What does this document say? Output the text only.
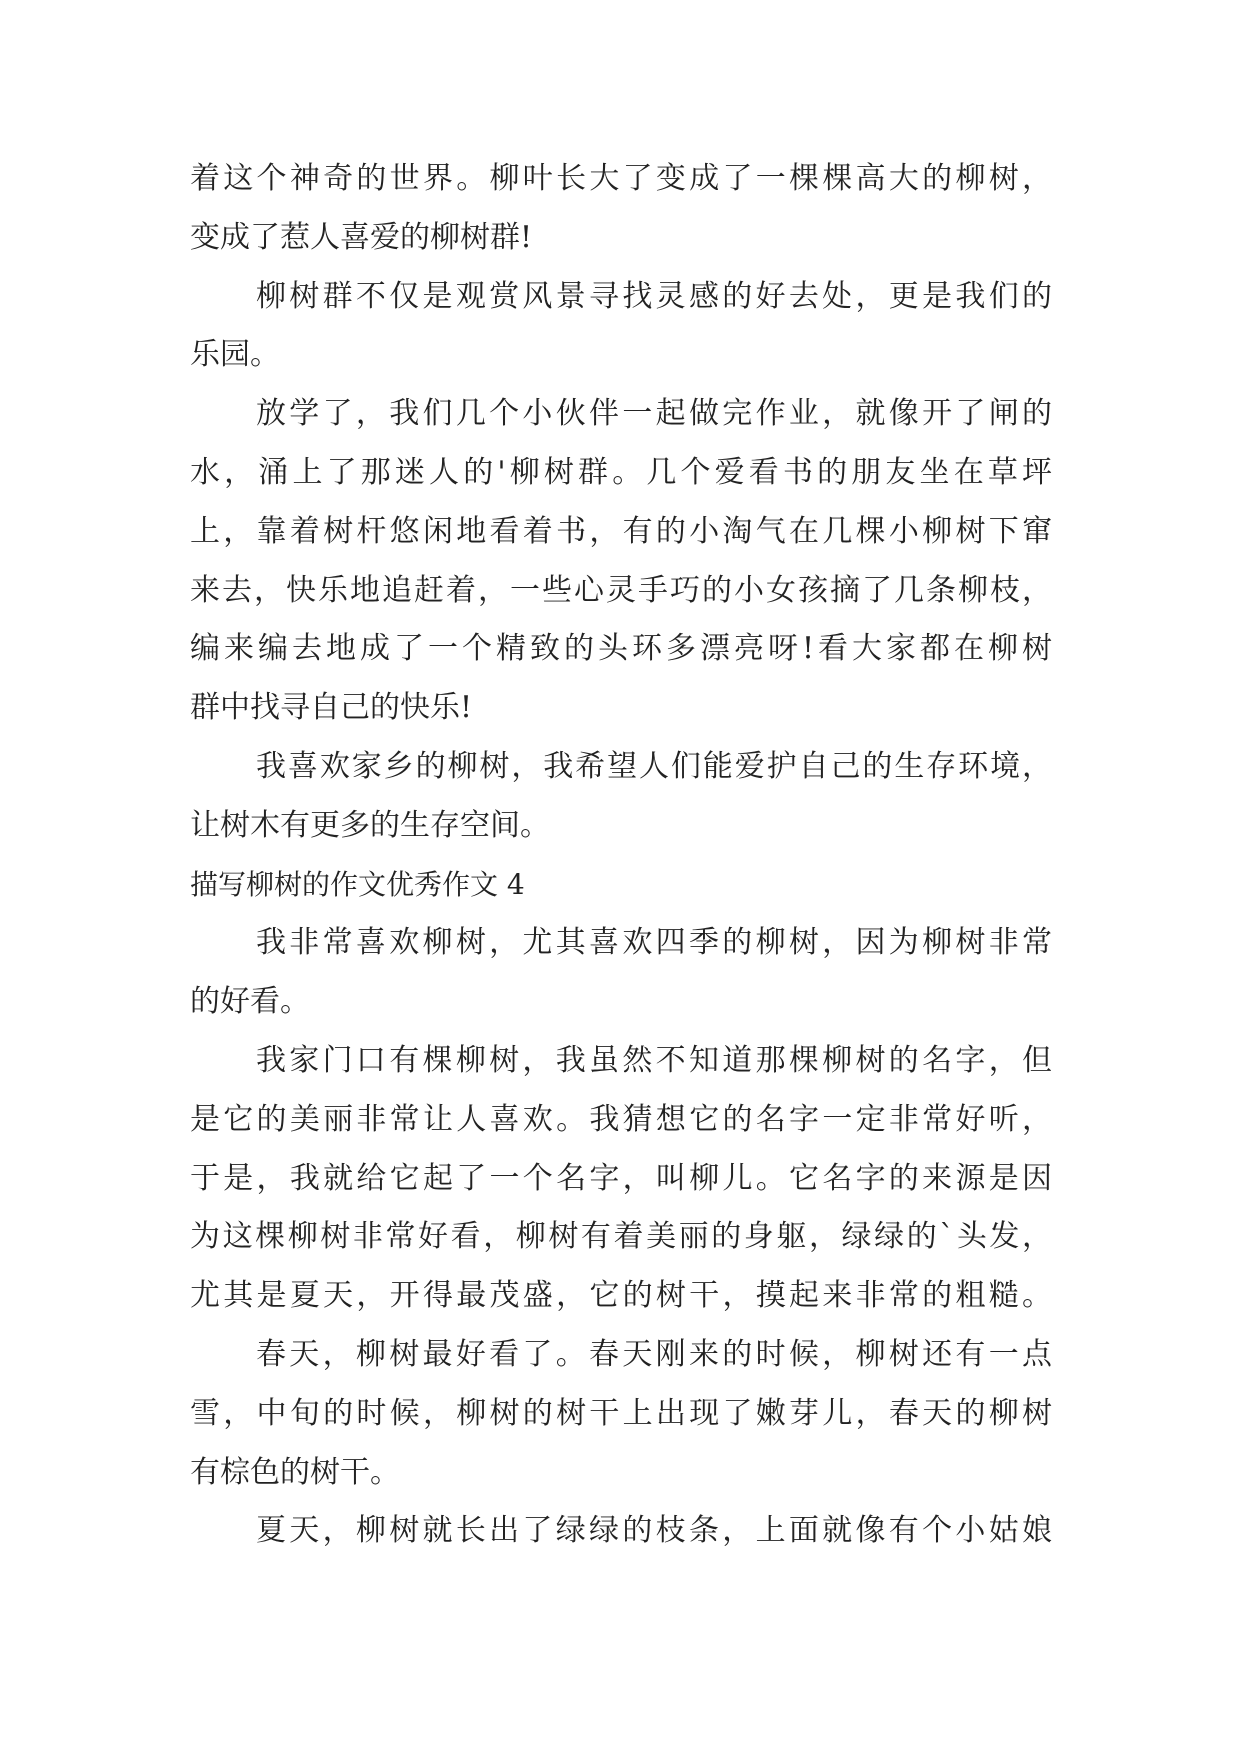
着这个神奇的世界。柳叶长大了变成了一棵棵高大的柳树，
变成了惹人喜爱的柳树群!
柳树群不仅是观赏风景寻找灵感的好去处，更是我们的
乐园。
放学了，我们几个小伙伴一起做完作业，就像开了闸的
水，涌上了那迷人的'柳树群。几个爱看书的朋友坐在草坪
上，靠着树杆悠闲地看着书，有的小淘气在几棵小柳树下窜
来去，快乐地追赶着，一些心灵手巧的小女孩摘了几条柳枝，
编来编去地成了一个精致的头环多漂亮呀!看大家都在柳树
群中找寻自己的快乐!
我喜欢家乡的柳树，我希望人们能爱护自己的生存环境，
让树木有更多的生存空间。
描写柳树的作文优秀作文 4
我非常喜欢柳树，尤其喜欢四季的柳树，因为柳树非常
的好看。
我家门口有棵柳树，我虽然不知道那棵柳树的名字，但
是它的美丽非常让人喜欢。我猜想它的名字一定非常好听，
于是，我就给它起了一个名字，叫柳儿。它名字的来源是因
为这棵柳树非常好看，柳树有着美丽的身躯，绿绿的`头发，
尤其是夏天，开得最茂盛，它的树干，摸起来非常的粗糙。
春天，柳树最好看了。春天刚来的时候，柳树还有一点
雪，中旬的时候，柳树的树干上出现了嫩芽儿，春天的柳树
有棕色的树干。
夏天，柳树就长出了绿绿的枝条，上面就像有个小姑娘
